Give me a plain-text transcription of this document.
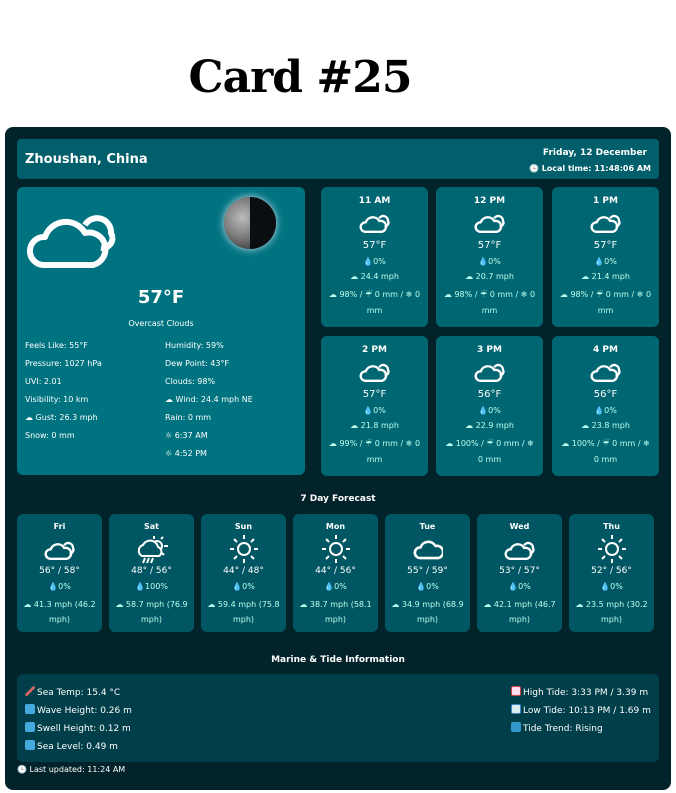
Card #25
Zhoushan, China	Friday, 12 December
🕒 Local time: 11:48:06 AM
57°F
Overcast Clouds
Feels Like: 55°F
Pressure: 1027 hPa
UVI: 2.01
Visibility: 10 km
☁ Gust: 26.3 mph
Snow: 0 mm
Humidity: 59%
Dew Point: 43°F
Clouds: 98%
☁ Wind: 24.4 mph NE
Rain: 0 mm
☼ 6:37 AM
☼ 4:52 PM
11 AM
57°F
💧0%
☁ 24.4 mph
☁ 98% / ☔ 0 mm / ❄ 0 mm
12 PM
57°F
💧0%
☁ 20.7 mph
☁ 98% / ☔ 0 mm / ❄ 0 mm
1 PM
57°F
💧0%
☁ 21.4 mph
☁ 98% / ☔ 0 mm / ❄ 0 mm
2 PM
57°F
💧0%
☁ 21.8 mph
☁ 99% / ☔ 0 mm / ❄ 0 mm
3 PM
56°F
💧0%
☁ 22.9 mph
☁ 100% / ☔ 0 mm / ❄ 0 mm
4 PM
56°F
💧0%
☁ 23.8 mph
☁ 100% / ☔ 0 mm / ❄ 0 mm
7 Day Forecast
Fri
56° / 58°
💧0%
☁ 41.3 mph (46.2 mph)
Sat
48° / 56°
💧100%
☁ 58.7 mph (76.9 mph)
Sun
44° / 48°
💧0%
☁ 59.4 mph (75.8 mph)
Mon
44° / 56°
💧0%
☁ 38.7 mph (58.1 mph)
Tue
55° / 59°
💧0%
☁ 34.9 mph (68.9 mph)
Wed
53° / 57°
💧0%
☁ 42.1 mph (46.7 mph)
Thu
52° / 56°
💧0%
☁ 23.5 mph (30.2 mph)
Marine & Tide Information
Sea Temp: 15.4 °C
Wave Height: 0.26 m
Swell Height: 0.12 m
Sea Level: 0.49 m
High Tide: 3:33 PM / 3.39 m
Low Tide: 10:13 PM / 1.69 m
Tide Trend: Rising
🕒 Last updated: 11:24 AM
